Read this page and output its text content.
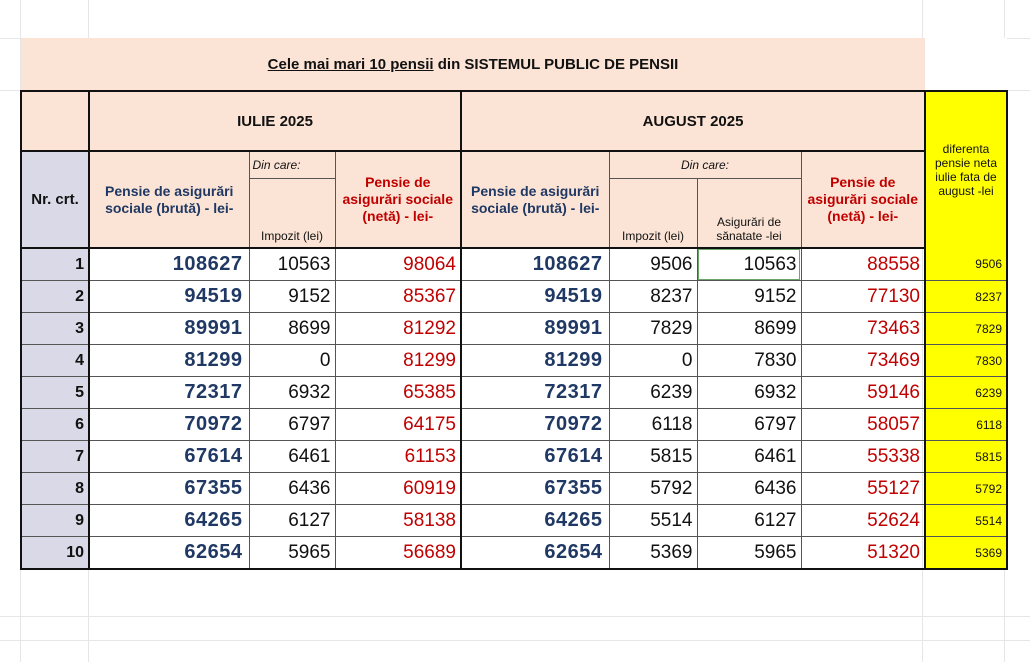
Cele mai mari 10 pensii din SISTEMUL PUBLIC DE PENSII								
	IULIE 2025			AUGUST 2025				diferenta pensie neta iulie fata de august -lei
Nr. crt.	Pensie de asigurări sociale (brută) - lei-	Din care:	Pensie de asigurări sociale (netă) - lei-	Pensie de asigurări sociale (brută) - lei-	Din care:		Pensie de asigurări sociale (netă) - lei-	
		Impozit (lei)			Impozit (lei)	Asigurări de sănatate -lei		
1	108627	10563	98064	108627	9506	10563	88558	9506
2	94519	9152	85367	94519	8237	9152	77130	8237
3	89991	8699	81292	89991	7829	8699	73463	7829
4	81299	0	81299	81299	0	7830	73469	7830
5	72317	6932	65385	72317	6239	6932	59146	6239
6	70972	6797	64175	70972	6118	6797	58057	6118
7	67614	6461	61153	67614	5815	6461	55338	5815
8	67355	6436	60919	67355	5792	6436	55127	5792
9	64265	6127	58138	64265	5514	6127	52624	5514
10	62654	5965	56689	62654	5369	5965	51320	5369
